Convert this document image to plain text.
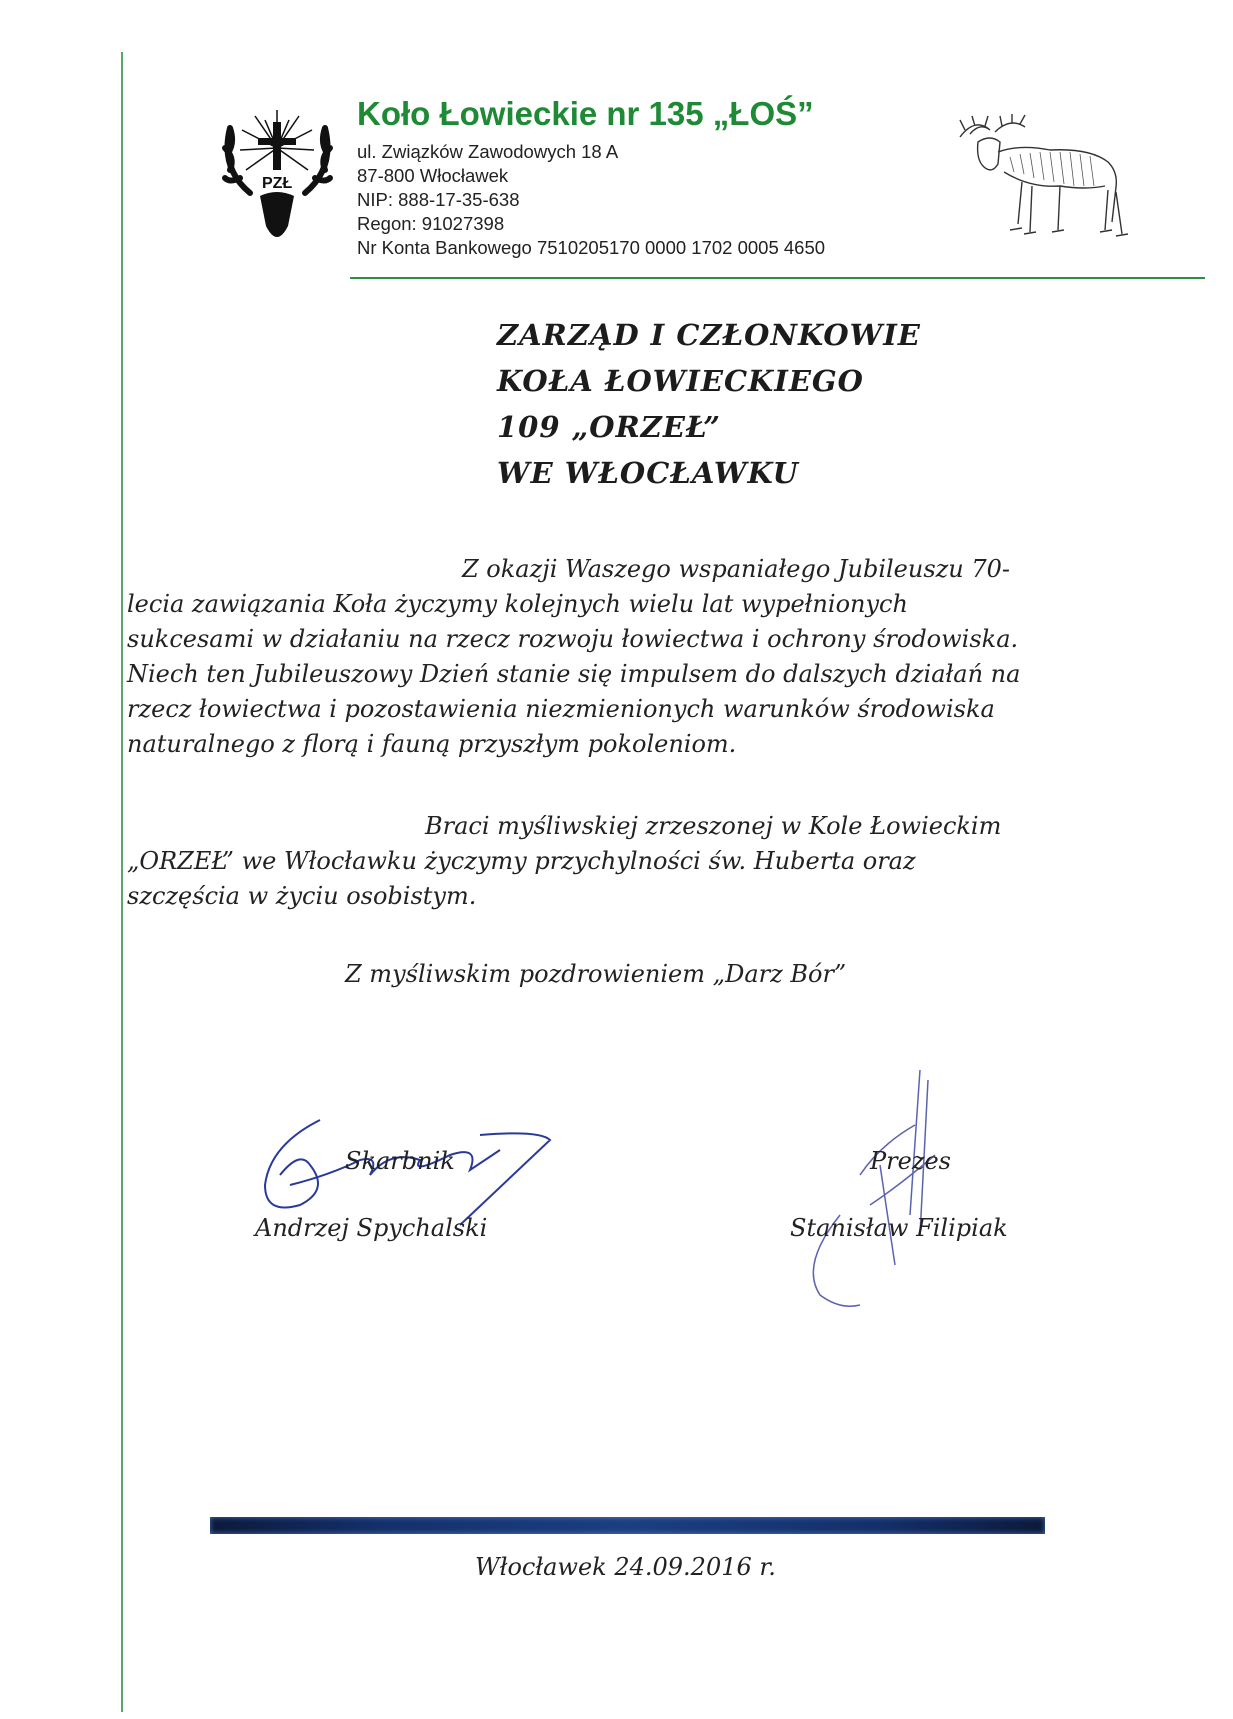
PZŁ
Koło Łowieckie nr 135 „ŁOŚ”
ul. Związków Zawodowych 18 A
87-800 Włocławek
NIP: 888-17-35-638
Regon: 91027398
Nr Konta Bankowego 7510205170 0000 1702 0005 4650
ZARZĄD I CZŁONKOWIE
KOŁA ŁOWIECKIEGO
109 „ORZEŁ”
WE WŁOCŁAWKU
Z okazji Waszego wspaniałego Jubileuszu 70-
lecia zawiązania Koła życzymy kolejnych wielu lat wypełnionych
sukcesami w działaniu na rzecz rozwoju łowiectwa i ochrony środowiska.
Niech ten Jubileuszowy Dzień stanie się impulsem do dalszych działań na
rzecz łowiectwa i pozostawienia niezmienionych warunków środowiska
naturalnego z florą i fauną przyszłym pokoleniom.
Braci myśliwskiej zrzeszonej w Kole Łowieckim
„ORZEŁ” we Włocławku życzymy przychylności św. Huberta oraz
szczęścia w życiu osobistym.
Z myśliwskim pozdrowieniem „Darz Bór”
Skarbnik
Andrzej Spychalski
Prezes
Stanisław Filipiak
Włocławek 24.09.2016 r.
